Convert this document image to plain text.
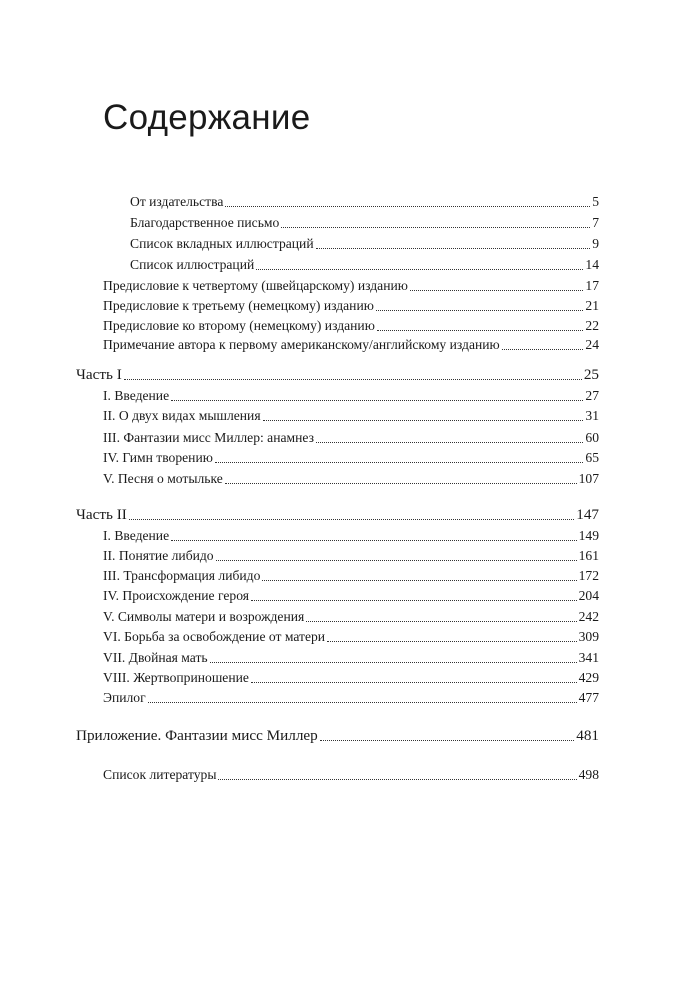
Содержание
От издательства	5
Благодарственное письмо	7
Список вкладных иллюстраций	9
Список иллюстраций	14
Предисловие к четвертому (швейцарскому) изданию	17
Предисловие к третьему (немецкому) изданию	21
Предисловие ко второму (немецкому) изданию	22
Примечание автора к первому американскому/английскому изданию	24
Часть I	25
I. Введение	27
II. О двух видах мышления	31
III. Фантазии мисс Миллер: анамнез	60
IV. Гимн творению	65
V. Песня о мотыльке	107
Часть II	147
I. Введение	149
II. Понятие либидо	161
III. Трансформация либидо	172
IV. Происхождение героя	204
V. Символы матери и возрождения	242
VI. Борьба за освобождение от матери	309
VII. Двойная мать	341
VIII. Жертвоприношение	429
Эпилог	477
Приложение. Фантазии мисс Миллер	481
Список литературы	498
